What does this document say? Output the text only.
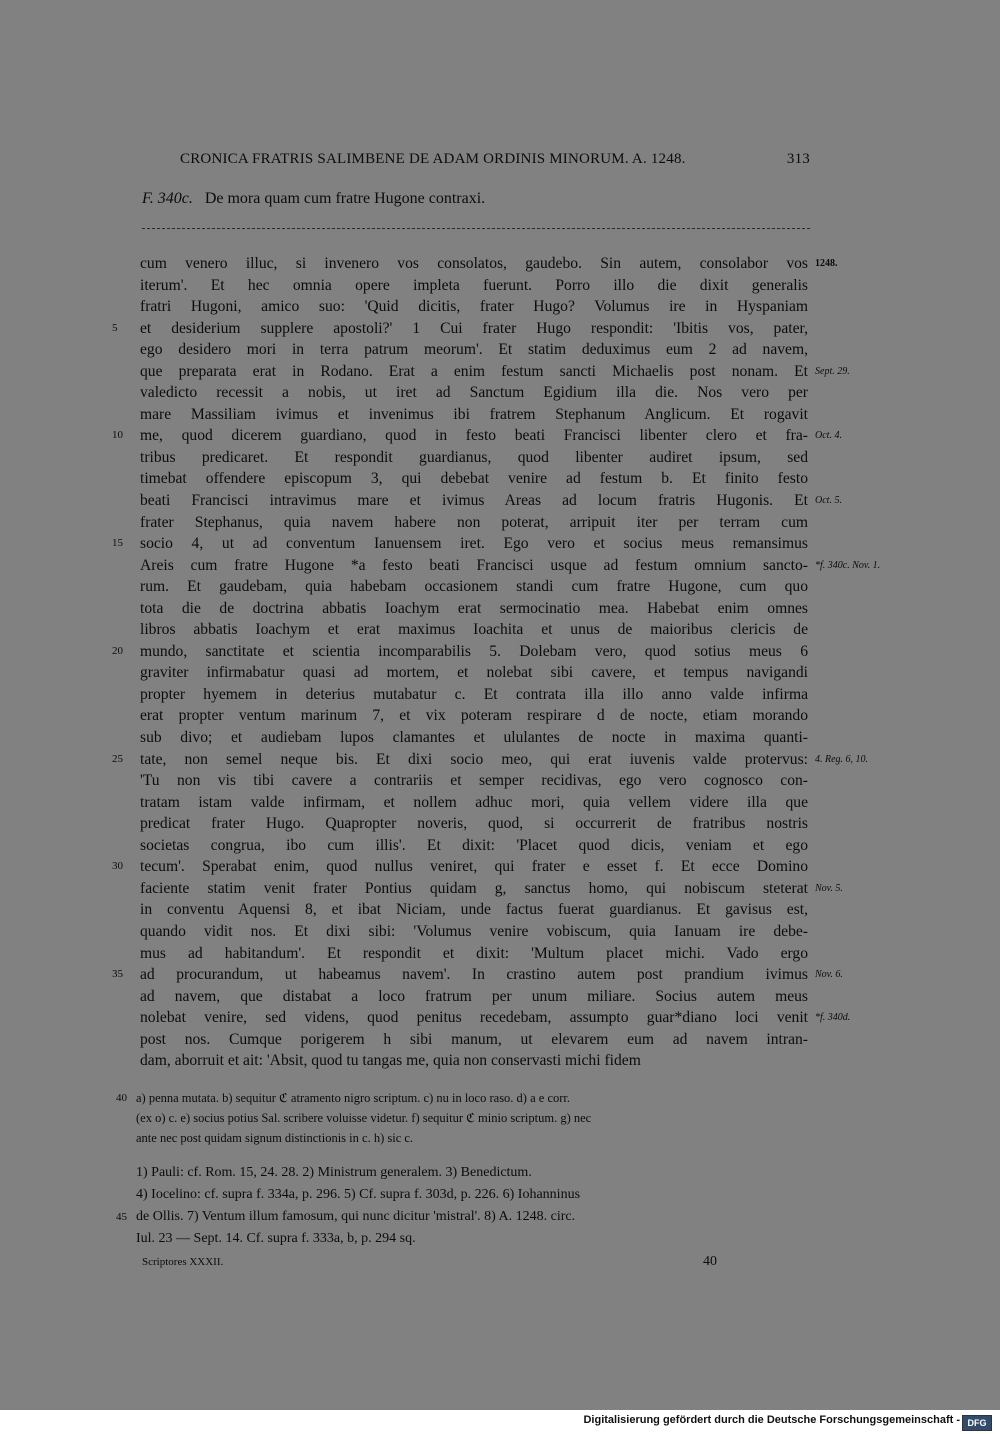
CRONICA FRATRIS SALIMBENE DE ADAM ORDINIS MINORUM. A. 1248.	313
F. 340c. De mora quam cum fratre Hugone contraxi.
cum venero illuc, si invenero vos consolatos, gaudebo. Sin autem, consolabor vos 1248.
iterum'. Et hec omnia opere impleta fuerunt. Porro illo die dixit generalis
fratri Hugoni, amico suo: 'Quid dicitis, frater Hugo? Volumus ire in Hyspaniam
5	et desiderium supplere apostoli?' 1 Cui frater Hugo respondit: 'Ibitis vos, pater,
ego desidero mori in terra patrum meorum'. Et statim deduximus eum 2 ad navem,
que preparata erat in Rodano. Erat a enim festum sancti Michaelis post nonam. Et Sept. 29.
valedicto recessit a nobis, ut iret ad Sanctum Egidium illa die. Nos vero per
mare Massiliam ivimus et invenimus ibi fratrem Stephanum Anglicum. Et rogavit
10	me, quod dicerem guardiano, quod in festo beati Francisci libenter clero et fra- Oct. 4.
tribus predicaret. Et respondit guardianus, quod libenter audiret ipsum, sed
timebat offendere episcopum 3, qui debebat venire ad festum b. Et finito festo
beati Francisci intravimus mare et ivimus Areas ad locum fratris Hugonis. Et Oct. 5.
frater Stephanus, quia navem habere non poterat, arripuit iter per terram cum
15	socio 4, ut ad conventum Ianuensem iret. Ego vero et socius meus remansimus
Areis cum fratre Hugone *a festo beati Francisci usque ad festum omnium sancto- *f. 340c. Nov. 1.
rum. Et gaudebam, quia habebam occasionem standi cum fratre Hugone, cum quo
tota die de doctrina abbatis Ioachym erat sermocinatio mea. Habebat enim omnes
libros abbatis Ioachym et erat maximus Ioachita et unus de maioribus clericis de
20	mundo, sanctitate et scientia incomparabilis 5. Dolebam vero, quod sotius meus 6
graviter infirmabatur quasi ad mortem, et nolebat sibi cavere, et tempus navigandi
propter hyemem in deterius mutabatur c. Et contrata illa illo anno valde infirma
erat propter ventum marinum 7, et vix poteram respirare d de nocte, etiam morando
sub divo; et audiebam lupos clamantes et ululantes de nocte in maxima quanti-
25	tate, non semel neque bis. Et dixi socio meo, qui erat iuvenis valde protervus: 4. Reg. 6, 10.
'Tu non vis tibi cavere a contrariis et semper recidivas, ego vero cognosco con-
tratam istam valde infirmam, et nollem adhuc mori, quia vellem videre illa que
predicat frater Hugo. Quapropter noveris, quod, si occurrerit de fratribus nostris
societas congrua, ibo cum illis'. Et dixit: 'Placet quod dicis, veniam et ego
30	tecum'. Sperabat enim, quod nullus veniret, qui frater e esset f. Et ecce Domino
faciente statim venit frater Pontius quidam g, sanctus homo, qui nobiscum steterat Nov. 5.
in conventu Aquensi 8, et ibat Niciam, unde factus fuerat guardianus. Et gavisus est,
quando vidit nos. Et dixi sibi: 'Volumus venire vobiscum, quia Ianuam ire debe-
mus ad habitandum'. Et respondit et dixit: 'Multum placet michi. Vado ergo
35	ad procurandum, ut habeamus navem'. In crastino autem post prandium ivimus Nov. 6.
ad navem, que distabat a loco fratrum per unum miliare. Socius autem meus
nolebat venire, sed videns, quod penitus recedebam, assumpto guar*diano loci venit *f. 340d.
post nos. Cumque porigerem h sibi manum, ut elevarem eum ad navem intran-
dam, aborruit et ait: 'Absit, quod tu tangas me, quia non conservasti michi fidem
40 a) penna mutata. b) sequitur ℭ atramento nigro scriptum. c) nu in loco raso. d) a e corr.
(ex o) c. e) socius potius Sal. scribere voluisse videtur. f) sequitur ℭ minio scriptum. g) nec
ante nec post quidam signum distinctionis in c. h) sic c.
1) Pauli: cf. Rom. 15, 24. 28. 2) Ministrum generalem. 3) Benedictum.
4) Iocelino: cf. supra f. 334a, p. 296. 5) Cf. supra f. 303d, p. 226. 6) Iohanninus
45 de Ollis. 7) Ventum illum famosum, qui nunc dicitur 'mistral'. 8) A. 1248. circ.
Iul. 23 — Sept. 14. Cf. supra f. 333a, b, p. 294 sq.
Scriptores XXXII.	40
Digitalisierung gefördert durch die Deutsche Forschungsgemeinschaft - DFG
